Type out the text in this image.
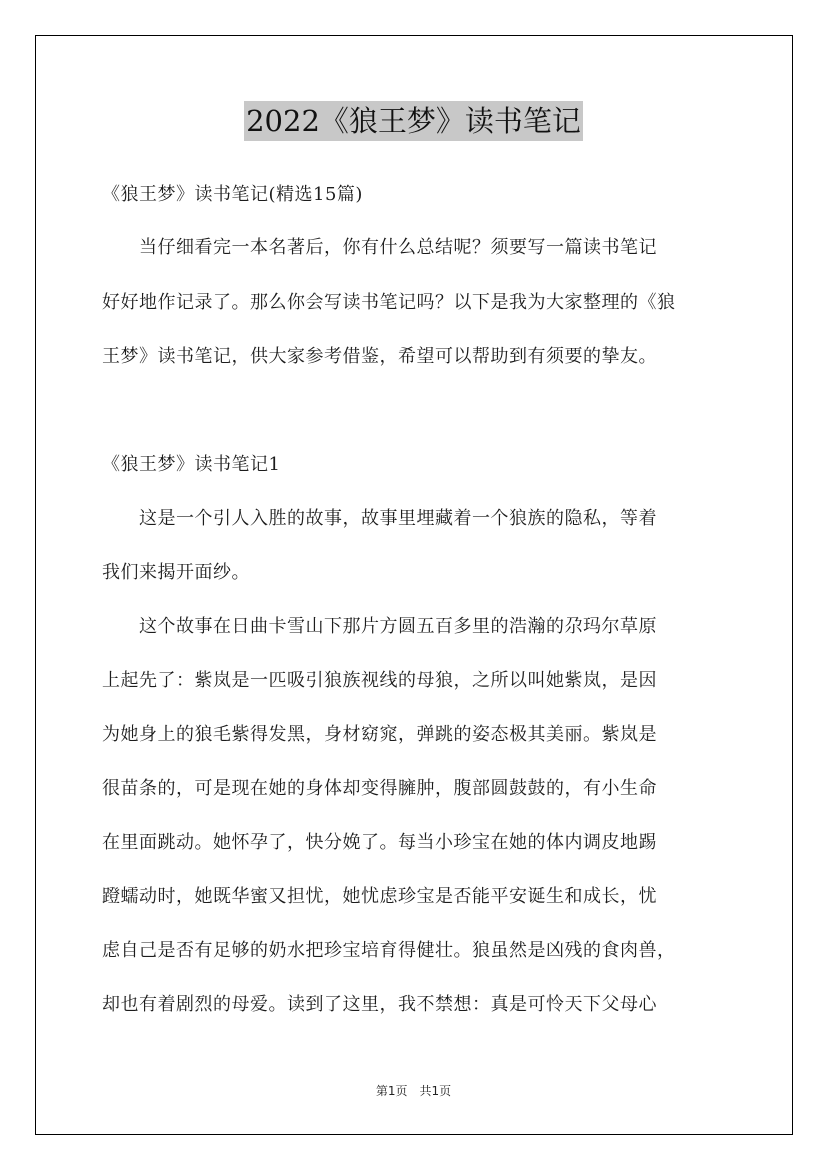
2022《狼王梦》读书笔记
《狼王梦》读书笔记(精选15篇)
　　当仔细看完一本名著后，你有什么总结呢？须要写一篇读书笔记
好好地作记录了。那么你会写读书笔记吗？以下是我为大家整理的《狼
王梦》读书笔记，供大家参考借鉴，希望可以帮助到有须要的挚友。
《狼王梦》读书笔记1
　　这是一个引人入胜的故事，故事里埋藏着一个狼族的隐私，等着
我们来揭开面纱。
　　这个故事在日曲卡雪山下那片方圆五百多里的浩瀚的尕玛尔草原
上起先了：紫岚是一匹吸引狼族视线的母狼，之所以叫她紫岚，是因
为她身上的狼毛紫得发黑，身材窈窕，弹跳的姿态极其美丽。紫岚是
很苗条的，可是现在她的身体却变得臃肿，腹部圆鼓鼓的，有小生命
在里面跳动。她怀孕了，快分娩了。每当小珍宝在她的体内调皮地踢
蹬蠕动时，她既华蜜又担忧，她忧虑珍宝是否能平安诞生和成长，忧
虑自己是否有足够的奶水把珍宝培育得健壮。狼虽然是凶残的食肉兽，
却也有着剧烈的母爱。读到了这里，我不禁想：真是可怜天下父母心
第1页　共1页
